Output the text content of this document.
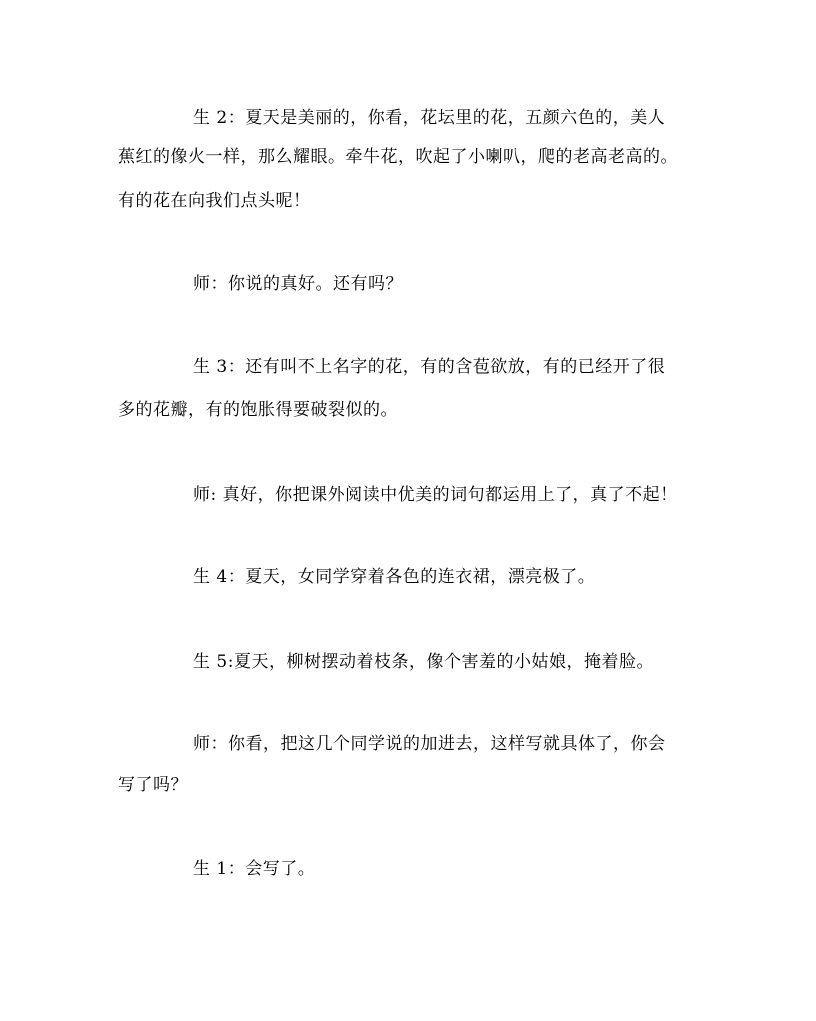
生 2：夏天是美丽的，你看，花坛里的花，五颜六色的，美人
蕉红的像火一样，那么耀眼。牵牛花，吹起了小喇叭，爬的老高老高的。
有的花在向我们点头呢！
师：你说的真好。还有吗？
生 3：还有叫不上名字的花，有的含苞欲放，有的已经开了很
多的花瓣，有的饱胀得要破裂似的。
师: 真好，你把课外阅读中优美的词句都运用上了，真了不起！
生 4：夏天，女同学穿着各色的连衣裙，漂亮极了。
生 5:夏天，柳树摆动着枝条，像个害羞的小姑娘，掩着脸。
师：你看，把这几个同学说的加进去，这样写就具体了，你会
写了吗？
生 1：会写了。
